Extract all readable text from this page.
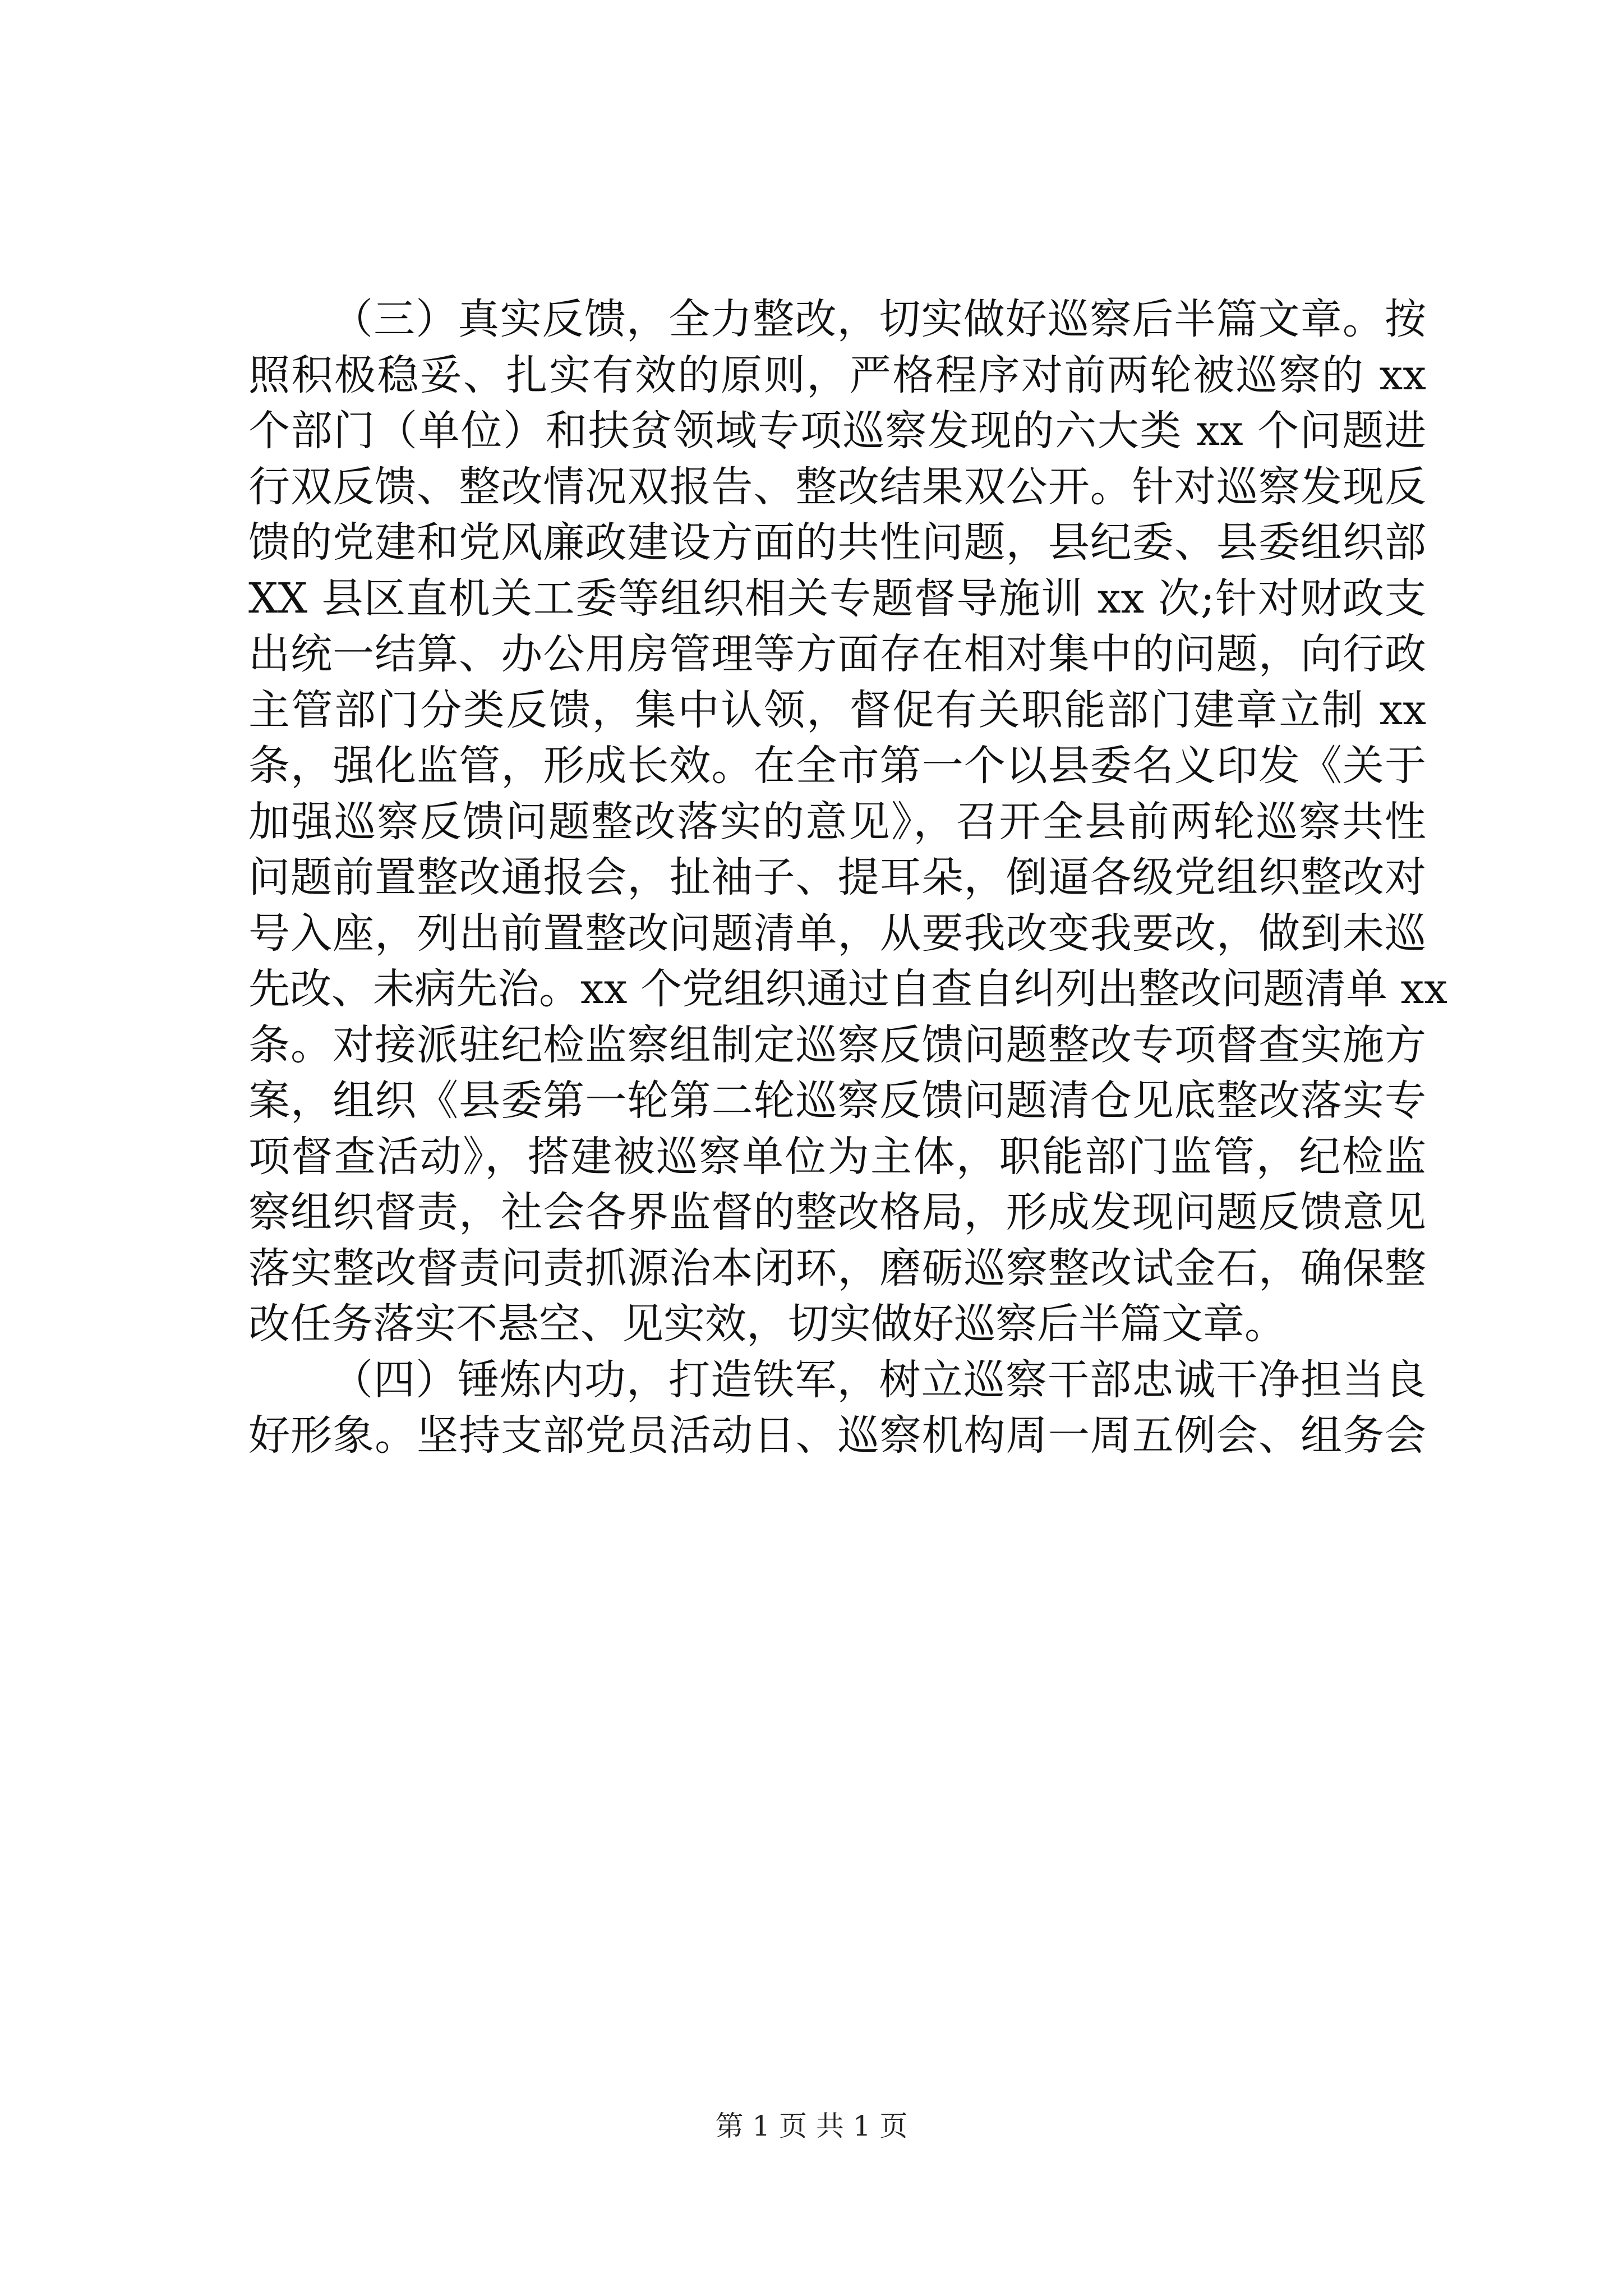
（三）真实反馈，全力整改，切实做好巡察后半篇文章。按
照积极稳妥、扎实有效的原则，严格程序对前两轮被巡察的 xx
个部门（单位）和扶贫领域专项巡察发现的六大类 xx 个问题进
行双反馈、整改情况双报告、整改结果双公开。针对巡察发现反
馈的党建和党风廉政建设方面的共性问题，县纪委、县委组织部
XX 县区直机关工委等组织相关专题督导施训 xx 次;针对财政支
出统一结算、办公用房管理等方面存在相对集中的问题，向行政
主管部门分类反馈，集中认领，督促有关职能部门建章立制 xx
条，强化监管，形成长效。在全市第一个以县委名义印发《关于
加强巡察反馈问题整改落实的意见》，召开全县前两轮巡察共性
问题前置整改通报会，扯袖子、提耳朵，倒逼各级党组织整改对
号入座，列出前置整改问题清单，从要我改变我要改，做到未巡
先改、未病先治。xx 个党组织通过自查自纠列出整改问题清单 xx
条。对接派驻纪检监察组制定巡察反馈问题整改专项督查实施方
案，组织《县委第一轮第二轮巡察反馈问题清仓见底整改落实专
项督查活动》，搭建被巡察单位为主体，职能部门监管，纪检监
察组织督责，社会各界监督的整改格局，形成发现问题反馈意见
落实整改督责问责抓源治本闭环，磨砺巡察整改试金石，确保整
改任务落实不悬空、见实效，切实做好巡察后半篇文章。
（四）锤炼内功，打造铁军，树立巡察干部忠诚干净担当良
好形象。坚持支部党员活动日、巡察机构周一周五例会、组务会
第 1 页 共 1 页
